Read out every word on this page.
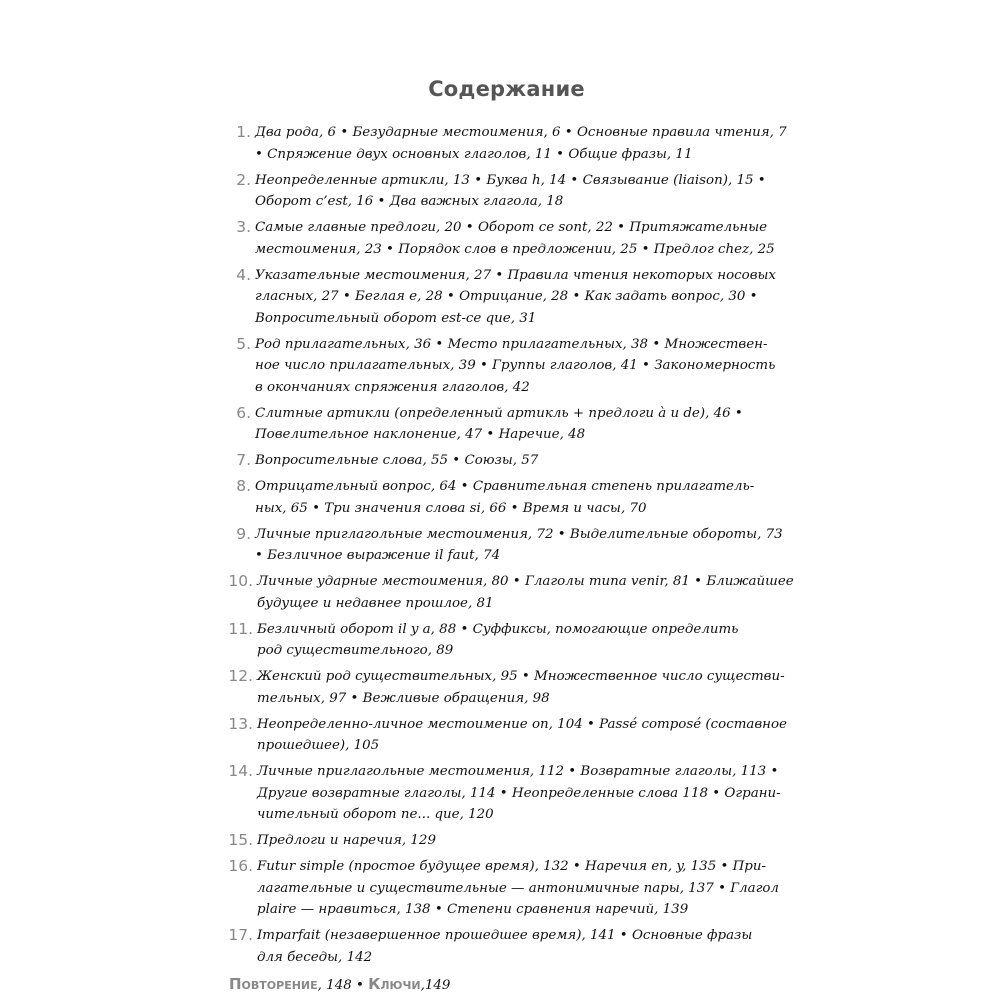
Содержание
1. Два рода, 6 • Безударные местоимения, 6 • Основные правила чтения, 7
• Спряжение двух основных глаголов, 11 • Общие фразы, 11
2. Неопределенные артикли, 13 • Буква h, 14 • Связывание (liaison), 15 •
Оборот c’est, 16 • Два важных глагола, 18
3. Самые главные предлоги, 20 • Оборот ce sont, 22 • Притяжательные
местоимения, 23 • Порядок слов в предложении, 25 • Предлог chez, 25
4. Указательные местоимения, 27 • Правила чтения некоторых носовых
гласных, 27 • Беглая е, 28 • Отрицание, 28 • Как задать вопрос, 30 •
Вопросительный оборот est-ce que, 31
5. Род прилагательных, 36 • Место прилагательных, 38 • Множествен-
ное число прилагательных, 39 • Группы глаголов, 41 • Закономерность
в окончаниях спряжения глаголов, 42
6. Слитные артикли (определенный артикль + предлоги à и de), 46 •
Повелительное наклонение, 47 • Наречие, 48
7. Вопросительные слова, 55 • Союзы, 57
8. Отрицательный вопрос, 64 • Сравнительная степень прилагатель-
ных, 65 • Три значения слова si, 66 • Время и часы, 70
9. Личные приглагольные местоимения, 72 • Выделительные обороты, 73
• Безличное выражение il faut, 74
10. Личные ударные местоимения, 80 • Глаголы типа venir, 81 • Ближайшее
будущее и недавнее прошлое, 81
11. Безличный оборот il y a, 88 • Суффиксы, помогающие определить
род существительного, 89
12. Женский род существительных, 95 • Множественное число существи-
тельных, 97 • Вежливые обращения, 98
13. Неопределенно-личное местоимение on, 104 • Passé composé (составное
прошедшее), 105
14. Личные приглагольные местоимения, 112 • Возвратные глаголы, 113 •
Другие возвратные глаголы, 114 • Неопределенные слова 118 • Ограни-
чительный оборот ne... que, 120
15. Предлоги и наречия, 129
16. Futur simple (простое будущее время), 132 • Наречия en, y, 135 • При-
лагательные и существительные — антонимичные пары, 137 • Глагол
plaire — нравиться, 138 • Степени сравнения наречий, 139
17. Imparfait (незавершенное прошедшее время), 141 • Основные фразы
для беседы, 142
Повторение, 148 • Ключи,149
